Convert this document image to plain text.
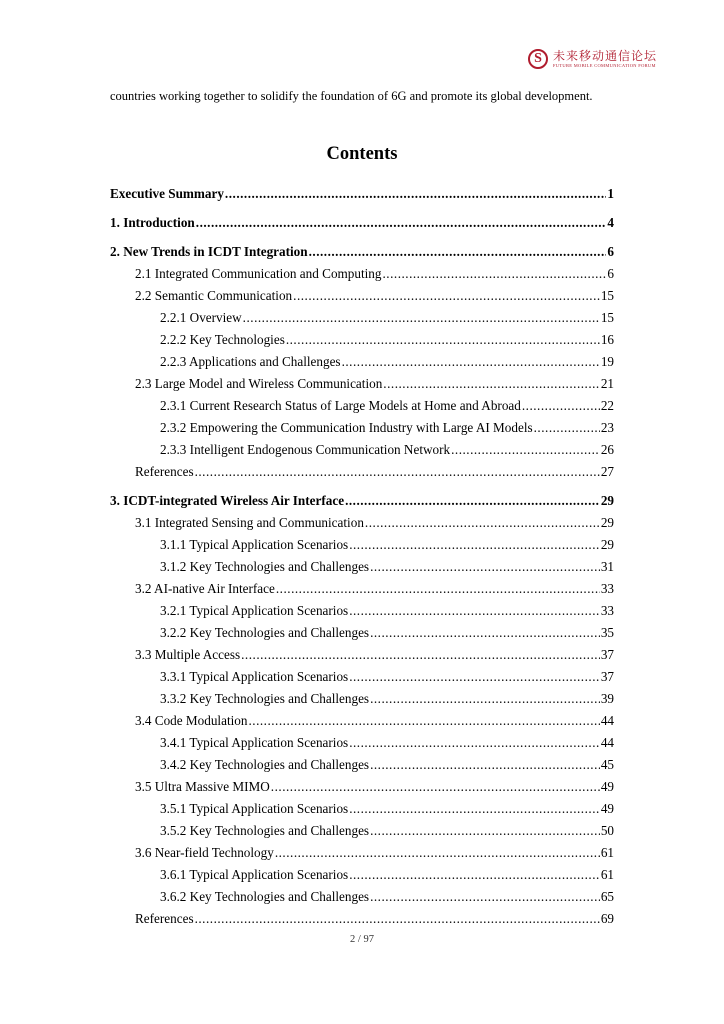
S 未来移动通信论坛
FUTURE MOBILE COMMUNICATION FORUM
countries working together to solidify the foundation of 6G and promote its global development.
Contents
Executive Summary .....	1
1. Introduction .....	4
2. New Trends in ICDT Integration .....	6
2.1 Integrated Communication and Computing .....	6
2.2 Semantic Communication .....	15
2.2.1 Overview .....	15
2.2.2 Key Technologies .....	16
2.2.3 Applications and Challenges .....	19
2.3 Large Model and Wireless Communication .....	21
2.3.1 Current Research Status of Large Models at Home and Abroad .....	22
2.3.2 Empowering the Communication Industry with Large AI Models .....	23
2.3.3 Intelligent Endogenous Communication Network .....	26
References .....	27
3. ICDT-integrated Wireless Air Interface .....	29
3.1 Integrated Sensing and Communication .....	29
3.1.1 Typical Application Scenarios .....	29
3.1.2 Key Technologies and Challenges .....	31
3.2 AI-native Air Interface .....	33
3.2.1 Typical Application Scenarios .....	33
3.2.2 Key Technologies and Challenges .....	35
3.3 Multiple Access .....	37
3.3.1 Typical Application Scenarios .....	37
3.3.2 Key Technologies and Challenges .....	39
3.4 Code Modulation .....	44
3.4.1 Typical Application Scenarios .....	44
3.4.2 Key Technologies and Challenges .....	45
3.5 Ultra Massive MIMO .....	49
3.5.1 Typical Application Scenarios .....	49
3.5.2 Key Technologies and Challenges .....	50
3.6 Near-field Technology .....	61
3.6.1 Typical Application Scenarios .....	61
3.6.2 Key Technologies and Challenges .....	65
References .....	69
2 / 97
